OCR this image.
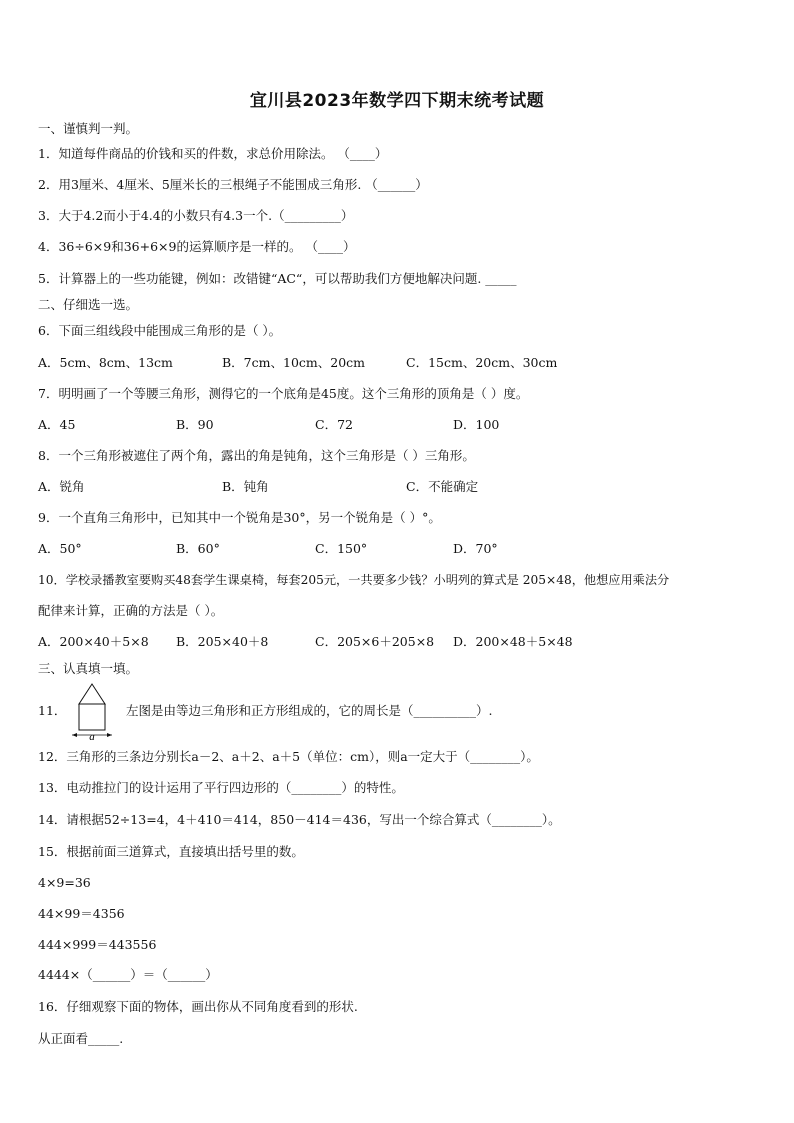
宜川县2023年数学四下期末统考试题
一、谨慎判一判。
1．知道每件商品的价钱和买的件数，求总价用除法。 （____）
2．用3厘米、4厘米、5厘米长的三根绳子不能围成三角形. （______）
3．大于4.2而小于4.4的小数只有4.3一个.（_________）
4．36÷6×9和36+6×9的运算顺序是一样的。 （____）
5．计算器上的一些功能键，例如：改错键“AC“，可以帮助我们方便地解决问题. _____
二、仔细选一选。
6．下面三组线段中能围成三角形的是（ ）。
A．5cm、8cm、13cm	B．7cm、10cm、20cm	C．15cm、20cm、30cm
7．明明画了一个等腰三角形，测得它的一个底角是45度。这个三角形的顶角是（ ）度。
A．45	B．90	C．72	D．100
8．一个三角形被遮住了两个角，露出的角是钝角，这个三角形是（ ）三角形。
A．锐角	B．钝角	C．不能确定
9．一个直角三角形中，已知其中一个锐角是30°，另一个锐角是（ ）°。
A．50°	B．60°	C．150°	D．70°
10．学校录播教室要购买48套学生课桌椅，每套205元，一共要多少钱？小明列的算式是 205×48，他想应用乘法分
配律来计算，正确的方法是（ ）。
A．200×40＋5×8 B．205×40＋8	C．205×6＋205×8 D．200×48＋5×48
三、认真填一填。
11．
a
左图是由等边三角形和正方形组成的，它的周长是（__________）.
12．三角形的三条边分别长a－2、a＋2、a＋5（单位：cm），则a一定大于（________）。
13．电动推拉门的设计运用了平行四边形的（________）的特性。
14．请根据52÷13=4，4＋410＝414，850－414＝436，写出一个综合算式（________）。
15．根据前面三道算式，直接填出括号里的数。
4×9=36
44×99＝4356
444×999＝443556
4444×（______）＝（______）
16．仔细观察下面的物体，画出你从不同角度看到的形状.
从正面看_____.
